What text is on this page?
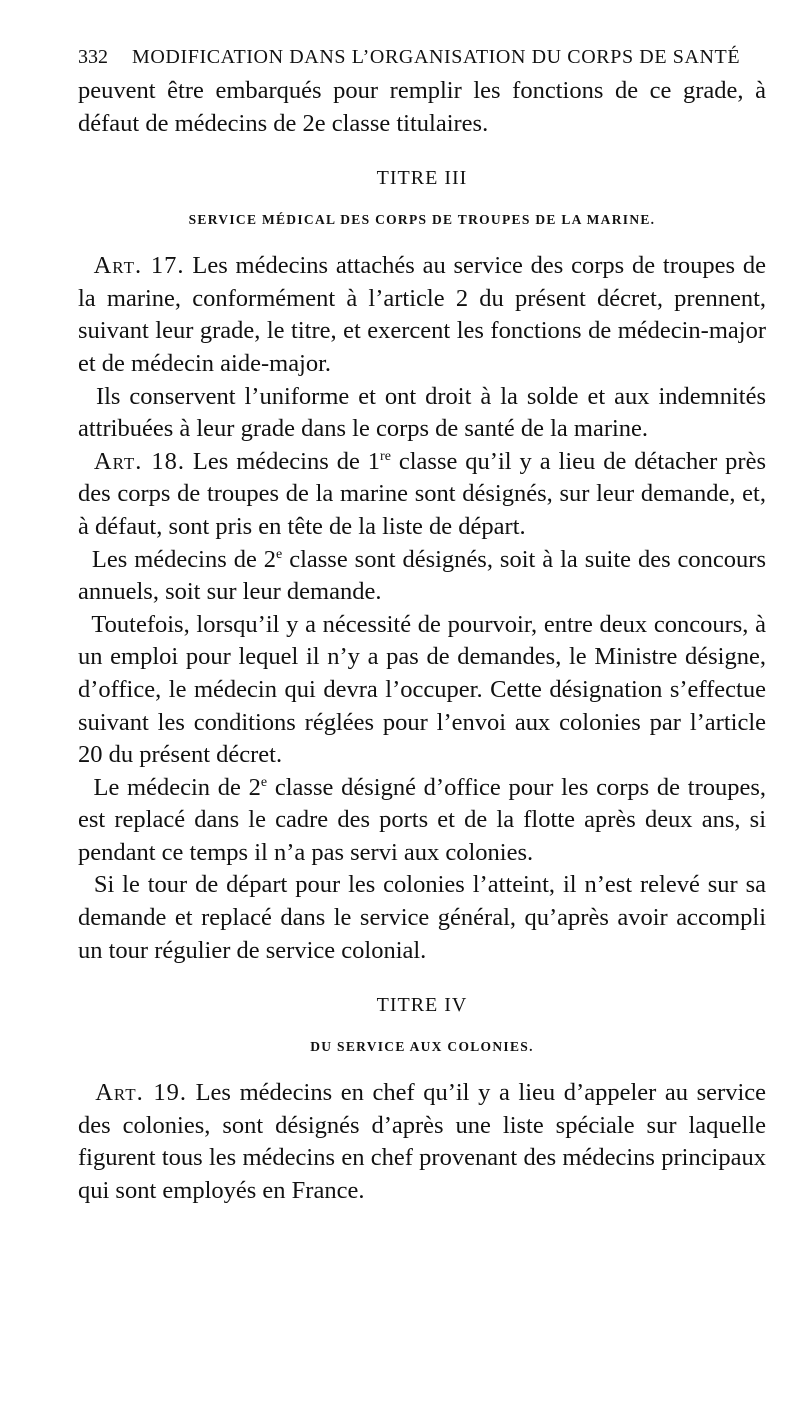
332 MODIFICATION DANS L’ORGANISATION DU CORPS DE SANTÉ

peuvent être embarqués pour remplir les fonctions de ce grade, à défaut de médecins de 2e classe titulaires.

TITRE III
SERVICE MÉDICAL DES CORPS DE TROUPES DE LA MARINE.

Art. 17. Les médecins attachés au service des corps de troupes de la marine, conformément à l’article 2 du présent décret, prennent, suivant leur grade, le titre, et exercent les fonctions de médecin-major et de médecin aide-major.

Ils conservent l’uniforme et ont droit à la solde et aux indemnités attribuées à leur grade dans le corps de santé de la marine.

Art. 18. Les médecins de 1re classe qu’il y a lieu de détacher près des corps de troupes de la marine sont désignés, sur leur demande, et, à défaut, sont pris en tête de la liste de départ.

Les médecins de 2e classe sont désignés, soit à la suite des concours annuels, soit sur leur demande.

Toutefois, lorsqu’il y a nécessité de pourvoir, entre deux concours, à un emploi pour lequel il n’y a pas de demandes, le Ministre désigne, d’office, le médecin qui devra l’occuper. Cette désignation s’effectue suivant les conditions réglées pour l’envoi aux colonies par l’article 20 du présent décret.

Le médecin de 2e classe désigné d’office pour les corps de troupes, est replacé dans le cadre des ports et de la flotte après deux ans, si pendant ce temps il n’a pas servi aux colonies.

Si le tour de départ pour les colonies l’atteint, il n’est relevé sur sa demande et replacé dans le service général, qu’après avoir accompli un tour régulier de service colonial.

TITRE IV
DU SERVICE AUX COLONIES.

Art. 19. Les médecins en chef qu’il y a lieu d’appeler au service des colonies, sont désignés d’après une liste spéciale sur laquelle figurent tous les médecins en chef provenant des médecins principaux qui sont employés en France.
